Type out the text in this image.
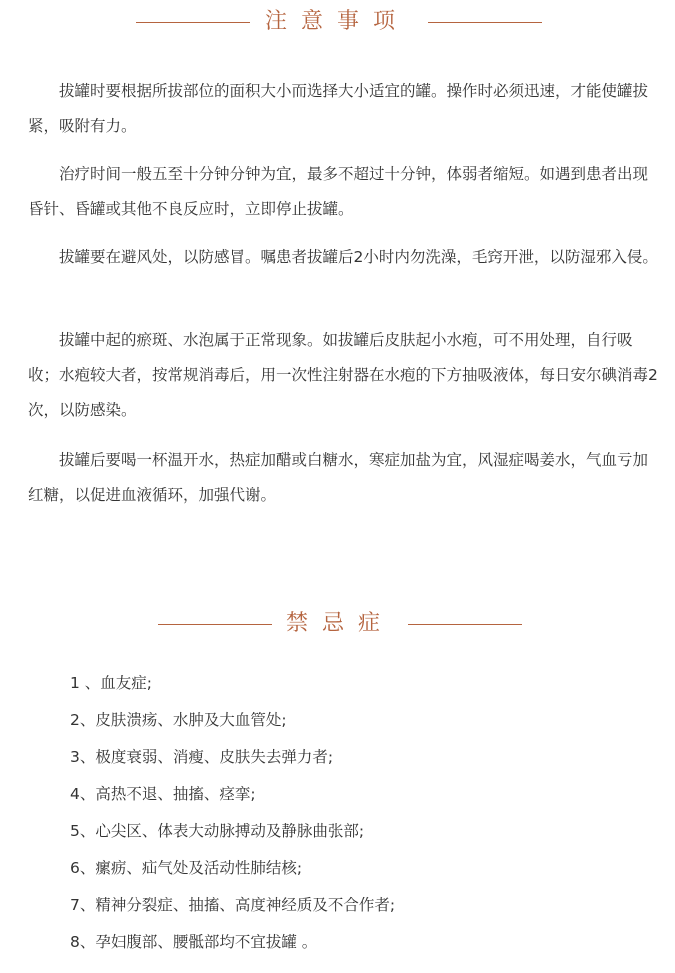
注意事项

拔罐时要根据所拔部位的面积大小而选择大小适宜的罐。操作时必须迅速，才能使罐拔紧，吸附有力。

治疗时间一般五至十分钟分钟为宜，最多不超过十分钟，体弱者缩短。如遇到患者出现昏针、昏罐或其他不良反应时，立即停止拔罐。

拔罐要在避风处，以防感冒。嘱患者拔罐后2小时内勿洗澡，毛窍开泄，以防湿邪入侵。

拔罐中起的瘀斑、水泡属于正常现象。如拔罐后皮肤起小水疱，可不用处理，自行吸收；水疱较大者，按常规消毒后，用一次性注射器在水疱的下方抽吸液体，每日安尔碘消毒2次，以防感染。

拔罐后要喝一杯温开水，热症加醋或白糖水，寒症加盐为宜，风湿症喝姜水，气血亏加红糖，以促进血液循环，加强代谢。

禁忌症
1 、血友症;
2、皮肤溃疡、水肿及大血管处;
3、极度衰弱、消瘦、皮肤失去弹力者;
4、高热不退、抽搐、痉挛;
5、心尖区、体表大动脉搏动及静脉曲张部;
6、瘰疬、疝气处及活动性肺结核;
7、精神分裂症、抽搐、高度神经质及不合作者;
8、孕妇腹部、腰骶部均不宜拔罐 。
